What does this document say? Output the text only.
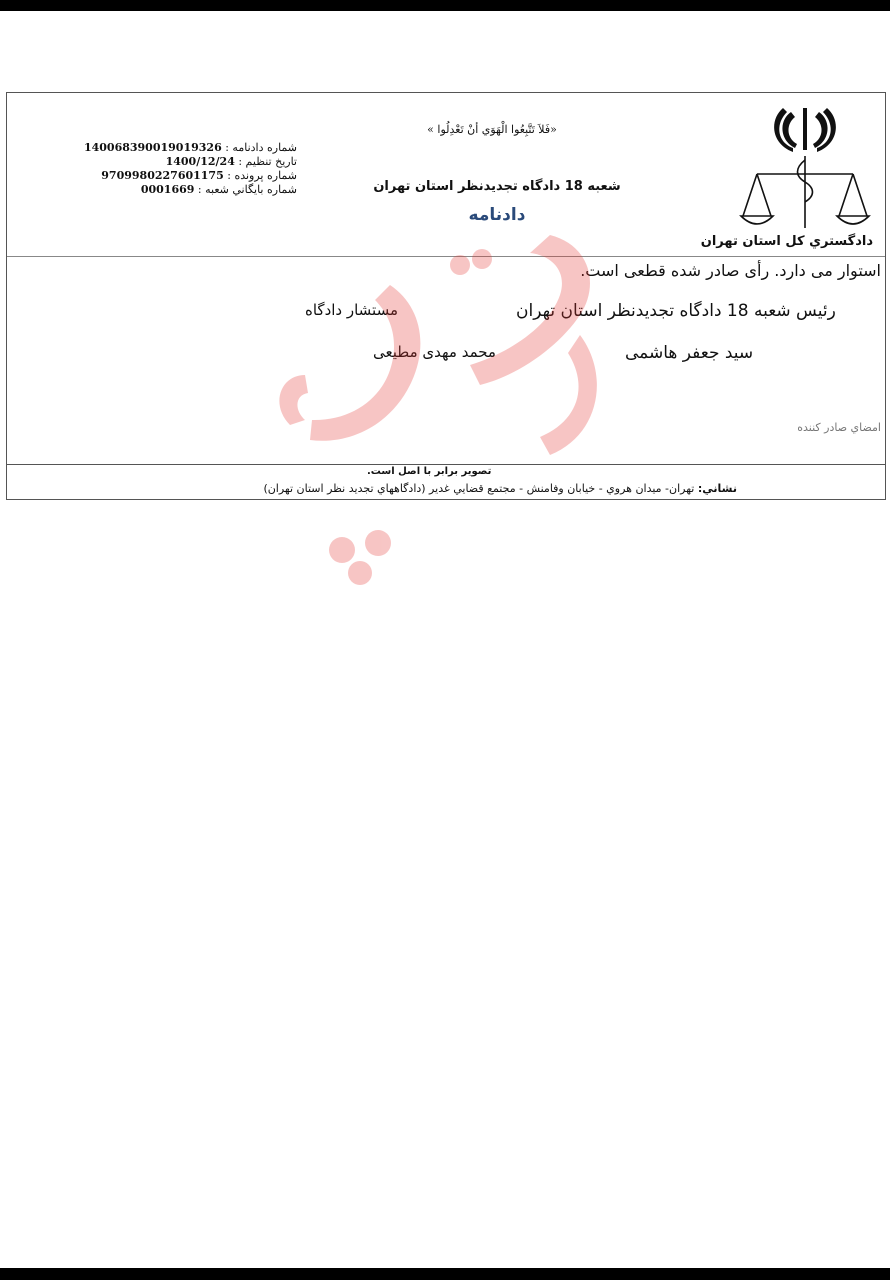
دادگستري كل استان تهران
«فَلاَ تَتَّبِعُوا الْهَوَي أنْ تَعْدِلُوا »
شعبه 18 دادگاه تجدیدنظر استان تهران
دادنامه
شماره دادنامه : 140068390019019326
تاريخ تنظيم : 1400/12/24
شماره پرونده : 9709980227601175
شماره بايگاني شعبه : 0001669
استوار می دارد. رأی صادر شده قطعی است.
رئیس شعبه 18 دادگاه تجدیدنظر استان تهران
مستشار دادگاه
سید جعفر هاشمی
محمد مهدی مطیعی
امضاي صادر كننده
تصوير برابر با اصل است.
نشاني: تهران- ميدان هروي - خيابان وفامنش - مجتمع قضايي غدير (دادگاههاي تجديد نظر استان تهران)
